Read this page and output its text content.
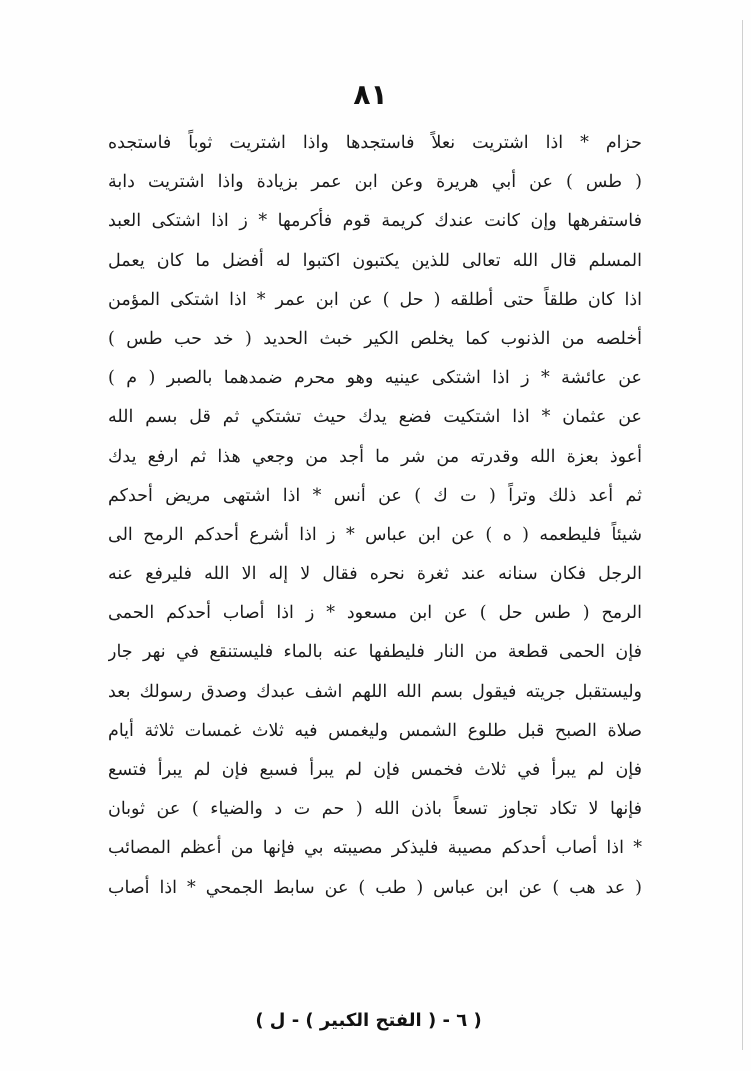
٨١
حزام * اذا اشتريت نعلاً فاستجدها واذا اشتريت ثوباً فاستجده
( طس ) عن أبي هريرة وعن ابن عمر بزيادة واذا اشتريت دابة
فاستفرهها وإن كانت عندك كريمة قوم فأكرمها * ز اذا اشتكى العبد
المسلم قال الله تعالى للذين يكتبون اكتبوا له أفضل ما كان يعمل
اذا كان طلقاً حتى أطلقه ( حل ) عن ابن عمر * اذا اشتكى المؤمن
أخلصه من الذنوب كما يخلص الكير خبث الحديد ( خد حب طس )
عن عائشة * ز اذا اشتكى عينيه وهو محرم ضمدهما بالصبر ( م )
عن عثمان * اذا اشتكيت فضع يدك حيث تشتكي ثم قل بسم الله
أعوذ بعزة الله وقدرته من شر ما أجد من وجعي هذا ثم ارفع يدك
ثم أعد ذلك وتراً ( ت ك ) عن أنس * اذا اشتهى مريض أحدكم
شيئاً فليطعمه ( ه ) عن ابن عباس * ز اذا أشرع أحدكم الرمح الى
الرجل فكان سنانه عند ثغرة نحره فقال لا إله الا الله فليرفع عنه
الرمح ( طس حل ) عن ابن مسعود * ز اذا أصاب أحدكم الحمى
فإن الحمى قطعة من النار فليطفها عنه بالماء فليستنقع في نهر جار
وليستقبل جريته فيقول بسم الله اللهم اشف عبدك وصدق رسولك بعد
صلاة الصبح قبل طلوع الشمس وليغمس فيه ثلاث غمسات ثلاثة أيام
فإن لم يبرأ في ثلاث فخمس فإن لم يبرأ فسبع فإن لم يبرأ فتسع
فإنها لا تكاد تجاوز تسعاً باذن الله ( حم ت د والضياء ) عن ثوبان
* اذا أصاب أحدكم مصيبة فليذكر مصيبته بي فإنها من أعظم المصائب
( عد هب ) عن ابن عباس ( طب ) عن سابط الجمحي * اذا أصاب
( ٦ - ( الفتح الكبير ) - ل )
